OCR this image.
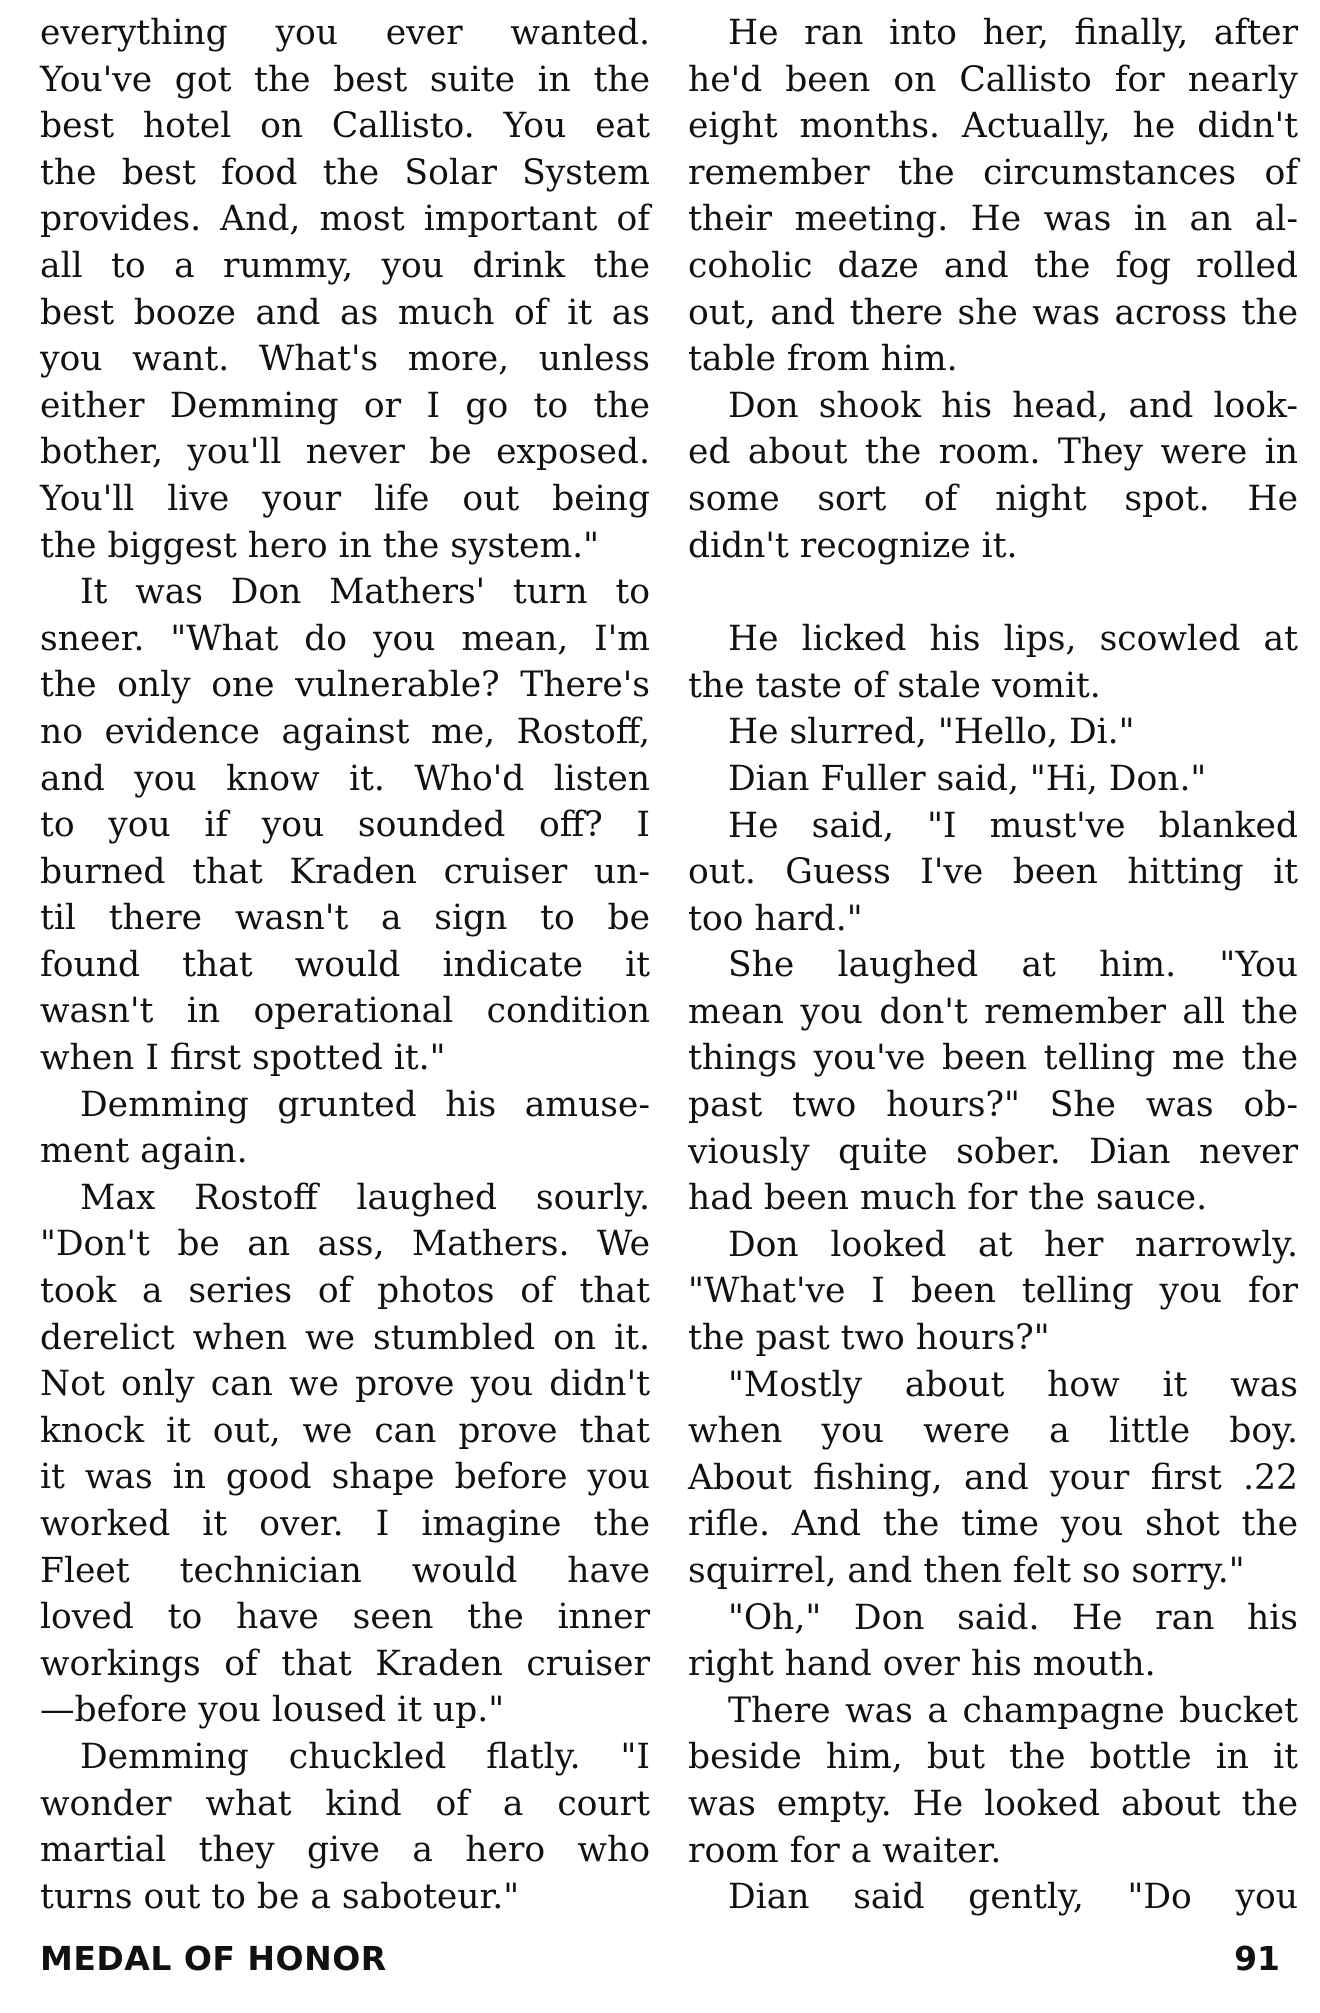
everything you ever wanted.
You've got the best suite in the
best hotel on Callisto. You eat
the best food the Solar System
provides. And, most important of
all to a rummy, you drink the
best booze and as much of it as
you want. What's more, unless
either Demming or I go to the
bother, you'll never be exposed.
You'll live your life out being
the biggest hero in the system."

It was Don Mathers' turn to
sneer. "What do you mean, I'm
the only one vulnerable? There's
no evidence against me, Rostoff,
and you know it. Who'd listen
to you if you sounded off? I
burned that Kraden cruiser un-
til there wasn't a sign to be
found that would indicate it
wasn't in operational condition
when I first spotted it."

Demming grunted his amuse-
ment again.

Max Rostoff laughed sourly.
"Don't be an ass, Mathers. We
took a series of photos of that
derelict when we stumbled on it.
Not only can we prove you didn't
knock it out, we can prove that
it was in good shape before you
worked it over. I imagine the
Fleet technician would have
loved to have seen the inner
workings of that Kraden cruiser
—before you loused it up."

Demming chuckled flatly. "I
wonder what kind of a court
martial they give a hero who
turns out to be a saboteur."

He ran into her, finally, after
he'd been on Callisto for nearly
eight months. Actually, he didn't
remember the circumstances of
their meeting. He was in an al-
coholic daze and the fog rolled
out, and there she was across the
table from him.

Don shook his head, and look-
ed about the room. They were in
some sort of night spot. He
didn't recognize it.

He licked his lips, scowled at
the taste of stale vomit.

He slurred, "Hello, Di."

Dian Fuller said, "Hi, Don."

He said, "I must've blanked
out. Guess I've been hitting it
too hard."

She laughed at him. "You
mean you don't remember all the
things you've been telling me the
past two hours?" She was ob-
viously quite sober. Dian never
had been much for the sauce.

Don looked at her narrowly.
"What've I been telling you for
the past two hours?"

"Mostly about how it was
when you were a little boy.
About fishing, and your first .22
rifle. And the time you shot the
squirrel, and then felt so sorry."

"Oh," Don said. He ran his
right hand over his mouth.

There was a champagne bucket
beside him, but the bottle in it
was empty. He looked about the
room for a waiter.

Dian said gently, "Do you

MEDAL OF HONOR	91
